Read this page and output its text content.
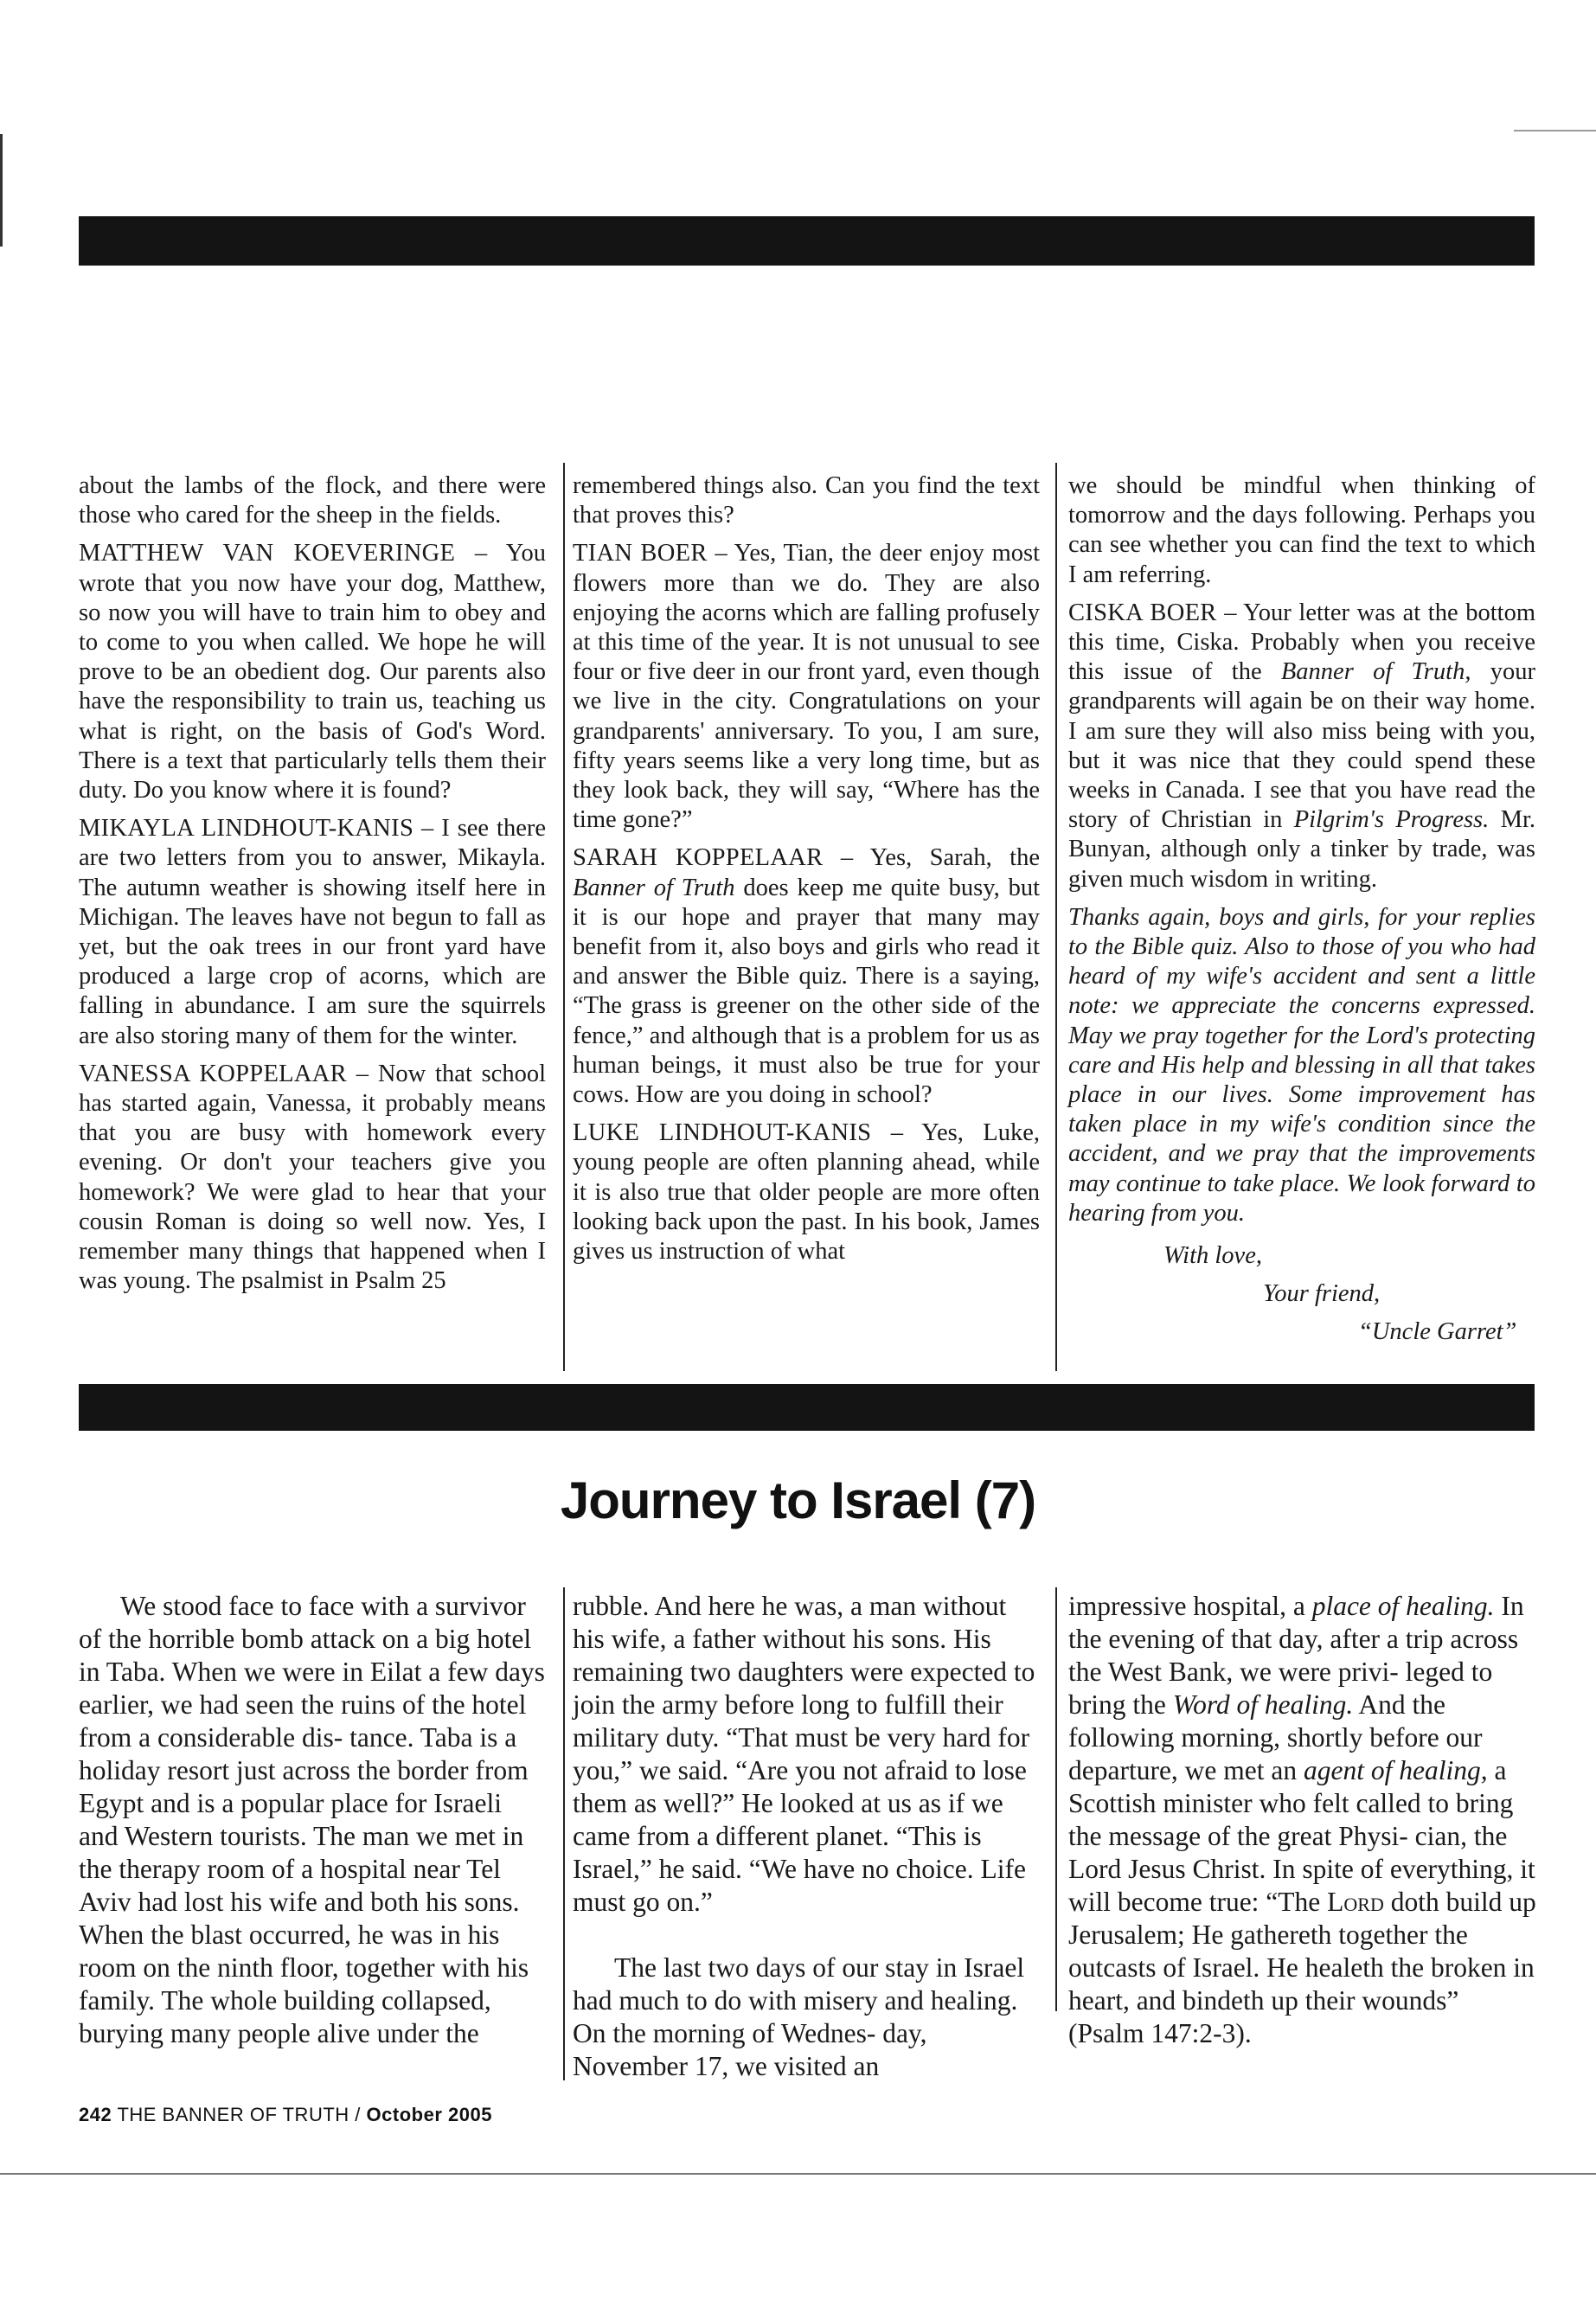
about the lambs of the flock, and there were those who cared for the sheep in the fields.

MATTHEW VAN KOEVERINGE – You wrote that you now have your dog, Matthew, so now you will have to train him to obey and to come to you when called. We hope he will prove to be an obedient dog. Our parents also have the responsibility to train us, teaching us what is right, on the basis of God's Word. There is a text that particularly tells them their duty. Do you know where it is found?

MIKAYLA LINDHOUT-KANIS – I see there are two letters from you to answer, Mikayla. The autumn weather is showing itself here in Michigan. The leaves have not begun to fall as yet, but the oak trees in our front yard have produced a large crop of acorns, which are falling in abundance. I am sure the squirrels are also storing many of them for the winter.

VANESSA KOPPELAAR – Now that school has started again, Vanessa, it probably means that you are busy with homework every evening. Or don't your teachers give you homework? We were glad to hear that your cousin Roman is doing so well now. Yes, I remember many things that happened when I was young. The psalmist in Psalm 25

remembered things also. Can you find the text that proves this?

TIAN BOER – Yes, Tian, the deer enjoy most flowers more than we do. They are also enjoying the acorns which are falling profusely at this time of the year. It is not unusual to see four or five deer in our front yard, even though we live in the city. Congratulations on your grandparents' anniversary. To you, I am sure, fifty years seems like a very long time, but as they look back, they will say, “Where has the time gone?”

SARAH KOPPELAAR – Yes, Sarah, the Banner of Truth does keep me quite busy, but it is our hope and prayer that many may benefit from it, also boys and girls who read it and answer the Bible quiz. There is a saying, “The grass is greener on the other side of the fence,” and although that is a problem for us as human beings, it must also be true for your cows. How are you doing in school?

LUKE LINDHOUT-KANIS – Yes, Luke, young people are often planning ahead, while it is also true that older people are more often looking back upon the past. In his book, James gives us instruction of what

we should be mindful when thinking of tomorrow and the days following. Perhaps you can see whether you can find the text to which I am referring.

CISKA BOER – Your letter was at the bottom this time, Ciska. Probably when you receive this issue of the Banner of Truth, your grandparents will again be on their way home. I am sure they will also miss being with you, but it was nice that they could spend these weeks in Canada. I see that you have read the story of Christian in Pilgrim's Progress. Mr. Bunyan, although only a tinker by trade, was given much wisdom in writing.

Thanks again, boys and girls, for your replies to the Bible quiz. Also to those of you who had heard of my wife's accident and sent a little note: we appreciate the concerns expressed. May we pray together for the Lord's protecting care and His help and blessing in all that takes place in our lives. Some improvement has taken place in my wife's condition since the accident, and we pray that the improvements may continue to take place. We look forward to hearing from you.

With love,
Your friend,
“Uncle Garret”
Journey to Israel (7)

We stood face to face with a survivor of the horrible bomb attack on a big hotel in Taba. When we were in Eilat a few days earlier, we had seen the ruins of the hotel from a considerable dis- tance. Taba is a holiday resort just across the border from Egypt and is a popular place for Israeli and Western tourists. The man we met in the therapy room of a hospital near Tel Aviv had lost his wife and both his sons. When the blast occurred, he was in his room on the ninth floor, together with his family. The whole building collapsed, burying many people alive under the

rubble. And here he was, a man without his wife, a father without his sons. His remaining two daughters were expected to join the army before long to fulfill their military duty. “That must be very hard for you,” we said. “Are you not afraid to lose them as well?” He looked at us as if we came from a different planet. “This is Israel,” he said. “We have no choice. Life must go on.”

The last two days of our stay in Israel had much to do with misery and healing. On the morning of Wednes- day, November 17, we visited an

impressive hospital, a place of healing. In the evening of that day, after a trip across the West Bank, we were privi- leged to bring the Word of healing. And the following morning, shortly before our departure, we met an agent of healing, a Scottish minister who felt called to bring the message of the great Physi- cian, the Lord Jesus Christ. In spite of everything, it will become true: “The Lord doth build up Jerusalem; He gathereth together the outcasts of Israel. He healeth the broken in heart, and bindeth up their wounds” (Psalm 147:2-3).

242 THE BANNER OF TRUTH / October 2005
